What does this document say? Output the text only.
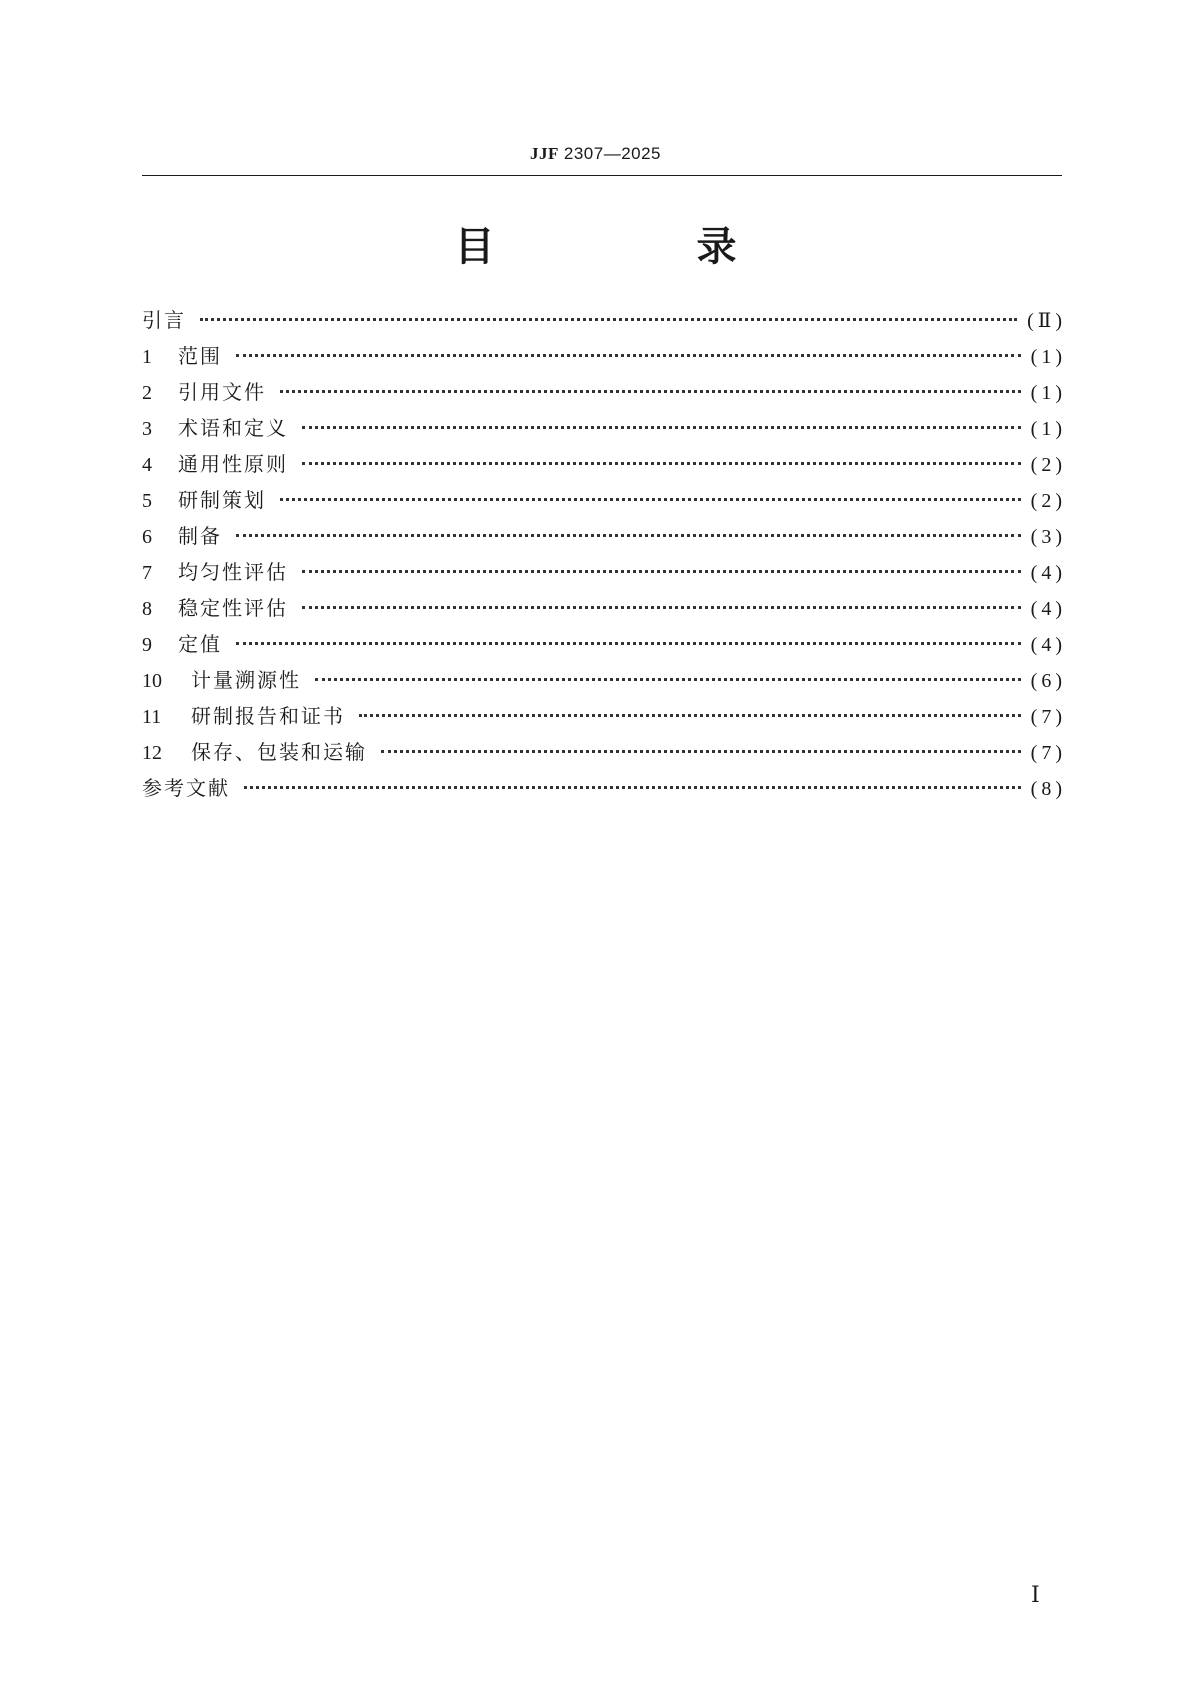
JJF 2307—2025
目 录
引言	(Ⅱ)
1	范围	(1)
2	引用文件	(1)
3	术语和定义	(1)
4	通用性原则	(2)
5	研制策划	(2)
6	制备	(3)
7	均匀性评估	(4)
8	稳定性评估	(4)
9	定值	(4)
10	计量溯源性	(6)
11	研制报告和证书	(7)
12	保存、包装和运输	(7)
参考文献	(8)
Ⅰ
